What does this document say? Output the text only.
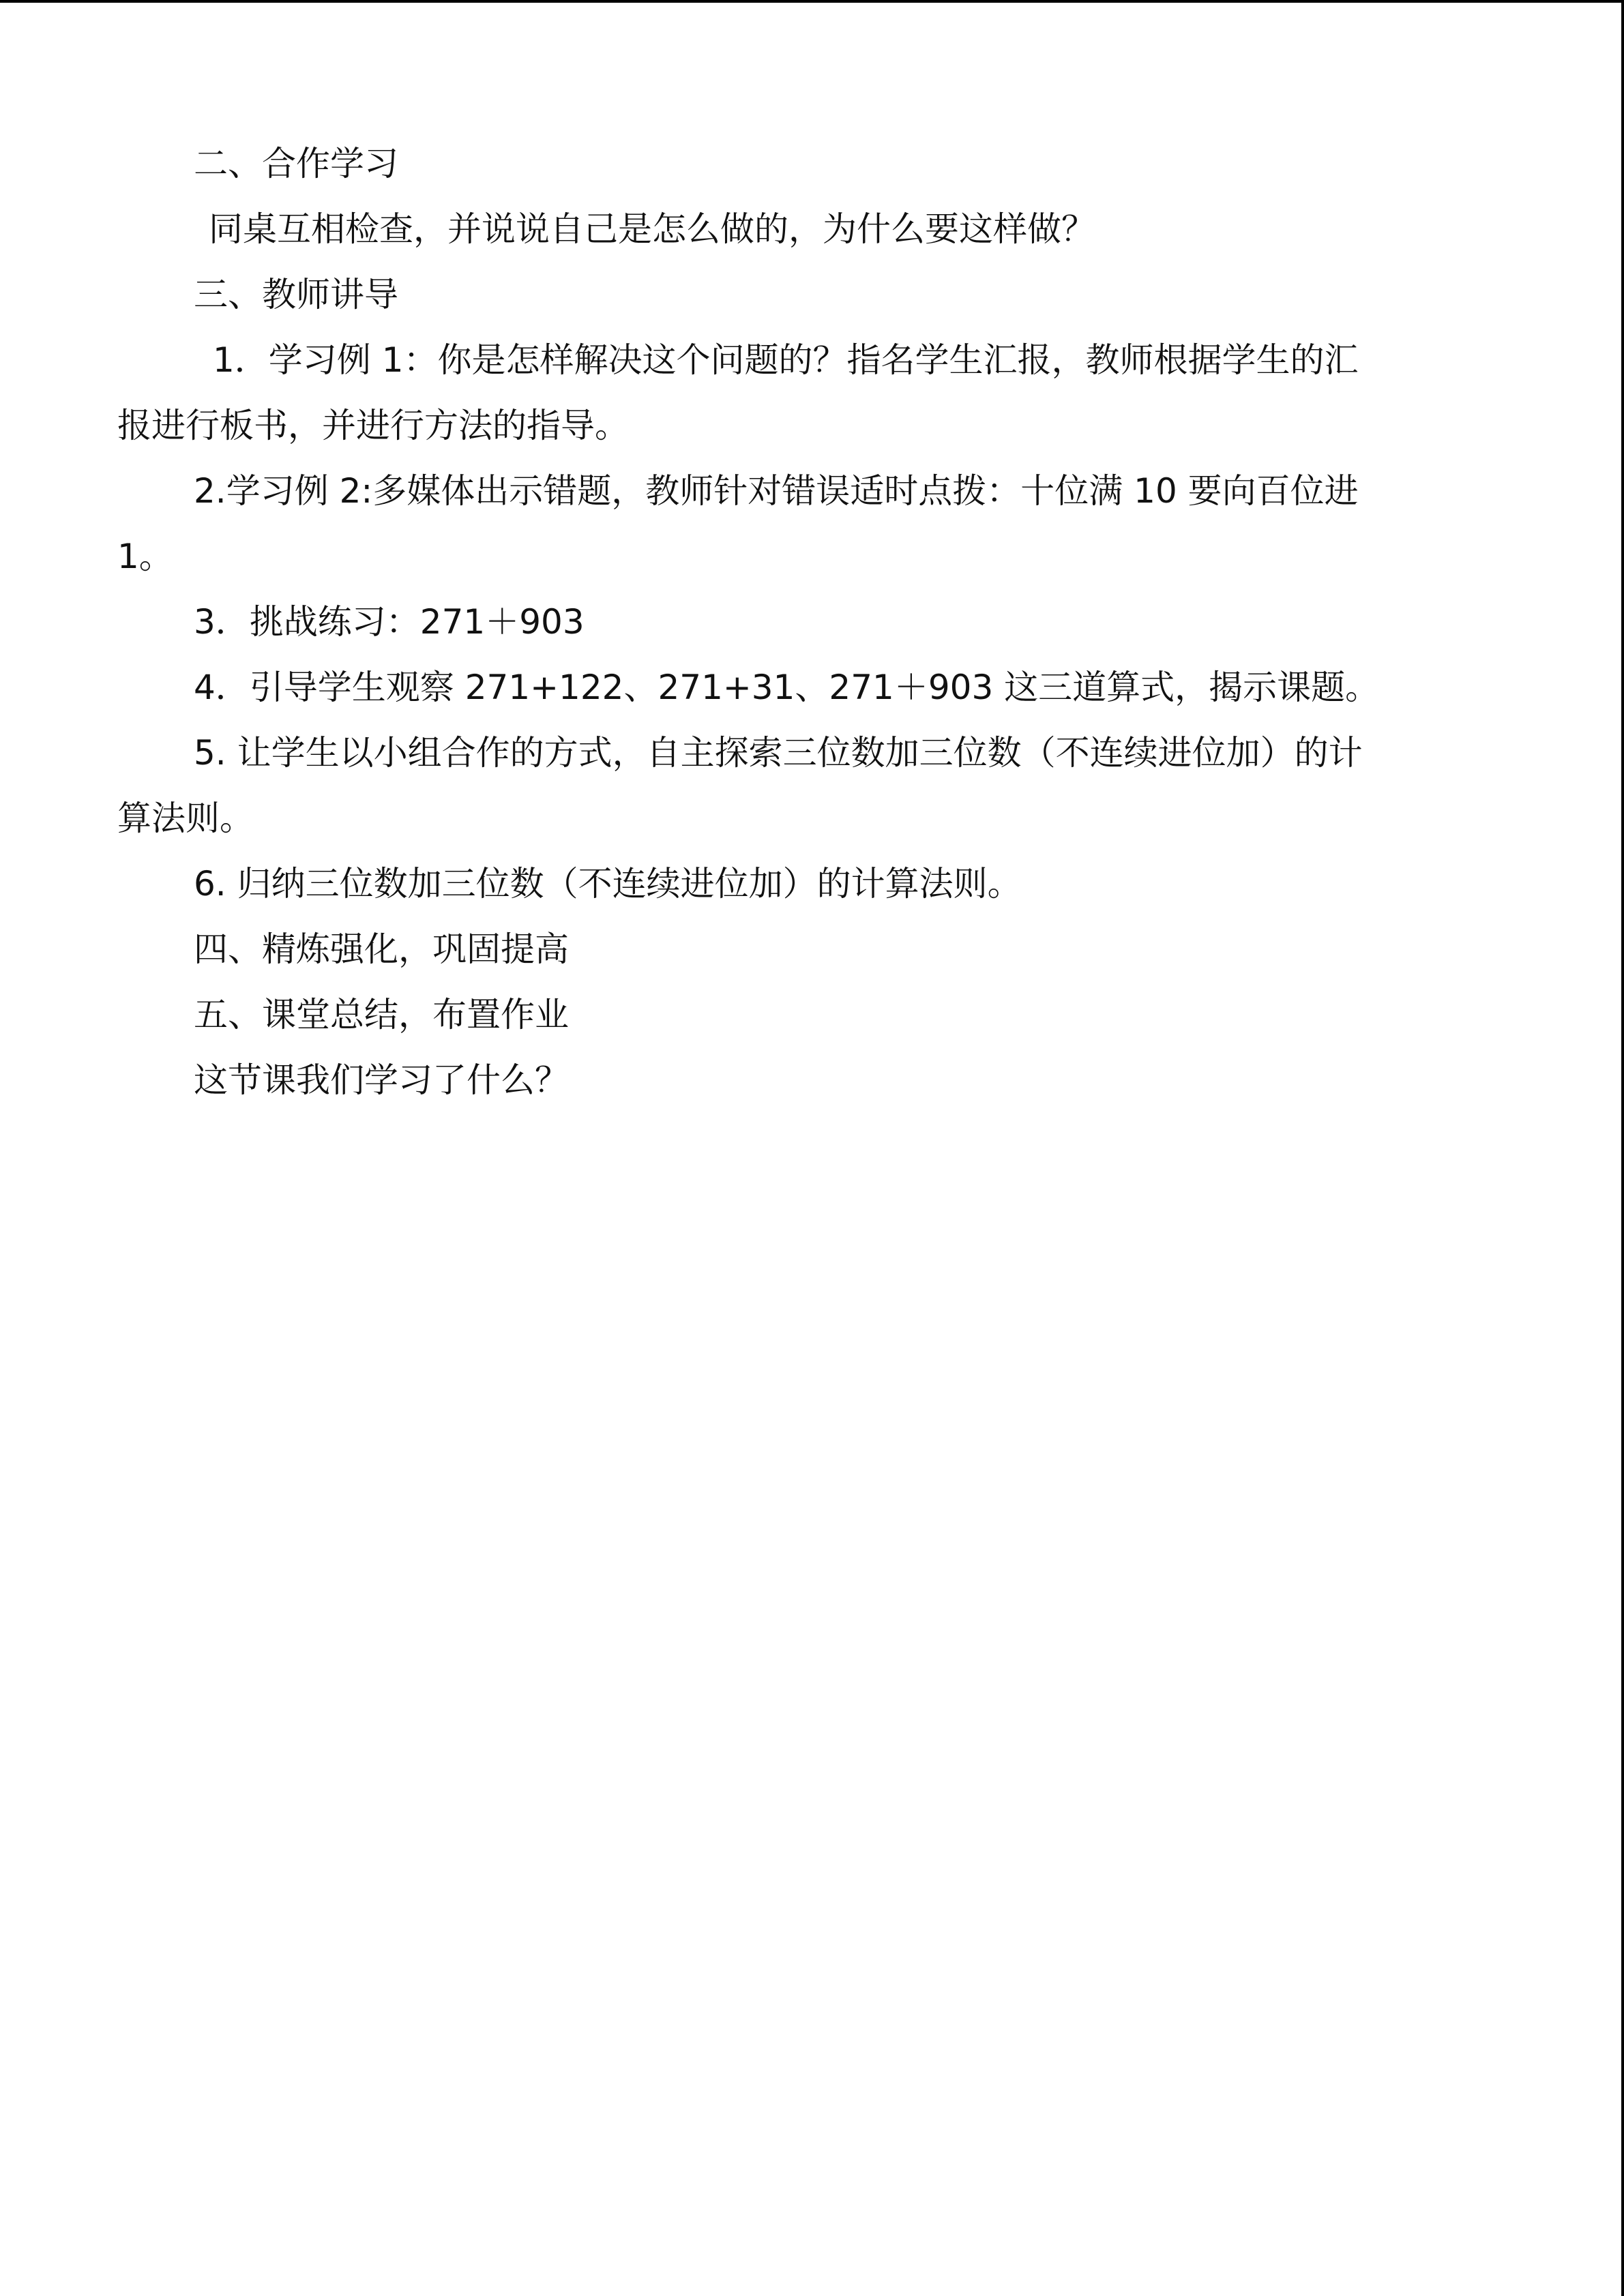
二、合作学习
同桌互相检查，并说说自己是怎么做的，为什么要这样做？
三、教师讲导
1．学习例 1：你是怎样解决这个问题的？指名学生汇报，教师根据学生的汇
报进行板书，并进行方法的指导。
2.学习例 2:多媒体出示错题，教师针对错误适时点拨：十位满 10 要向百位进
1。
3．挑战练习：271＋903
4．引导学生观察 271+122、271+31、271＋903 这三道算式，揭示课题。
5. 让学生以小组合作的方式，自主探索三位数加三位数（不连续进位加）的计
算法则。
6. 归纳三位数加三位数（不连续进位加）的计算法则。
四、精炼强化，巩固提高
五、课堂总结，布置作业
这节课我们学习了什么？
